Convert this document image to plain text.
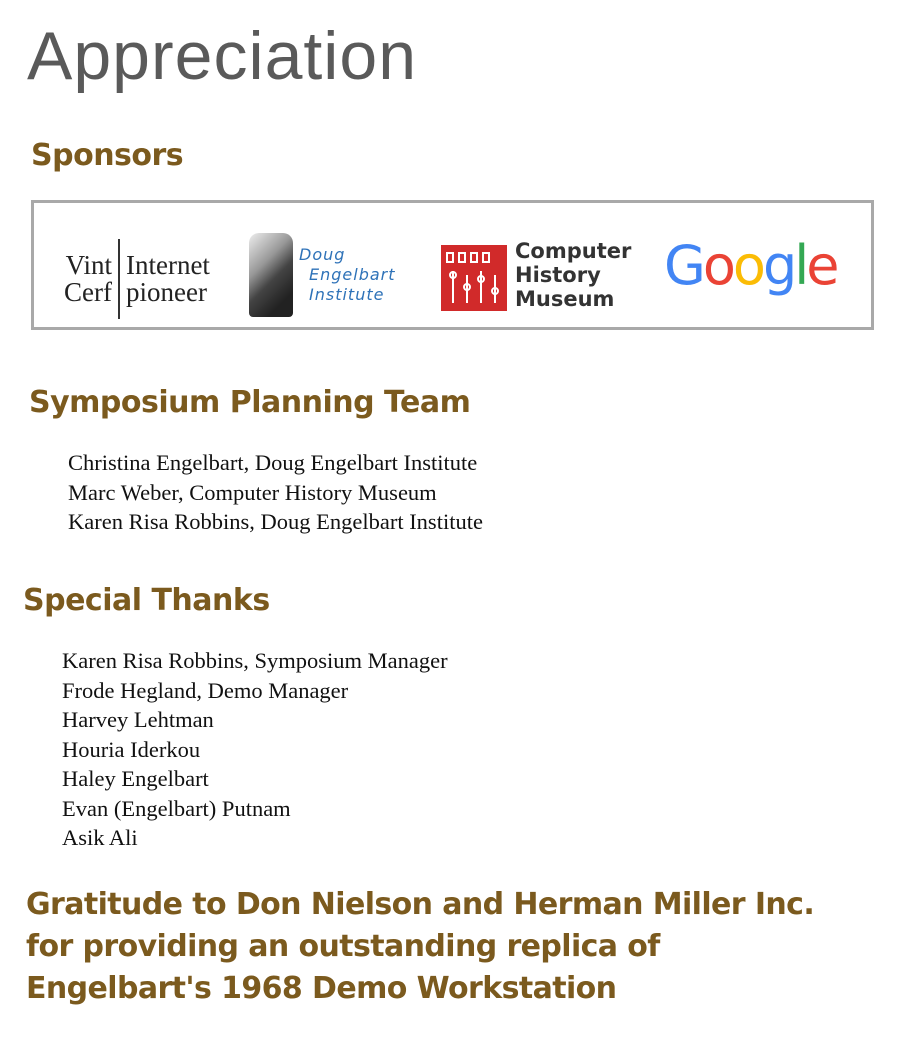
Appreciation
Sponsors
Vint
Cerf
Internet
pioneer
Doug
Engelbart
Institute
Computer
History
Museum
Google
Symposium Planning Team
Christina Engelbart, Doug Engelbart Institute
Marc Weber, Computer History Museum
Karen Risa Robbins, Doug Engelbart Institute
Special Thanks
Karen Risa Robbins, Symposium Manager
Frode Hegland, Demo Manager
Harvey Lehtman
Houria Iderkou
Haley Engelbart
Evan (Engelbart) Putnam
Asik Ali

Gratitude to Don Nielson and Herman Miller Inc.
for providing an outstanding replica of
Engelbart's 1968 Demo Workstation
